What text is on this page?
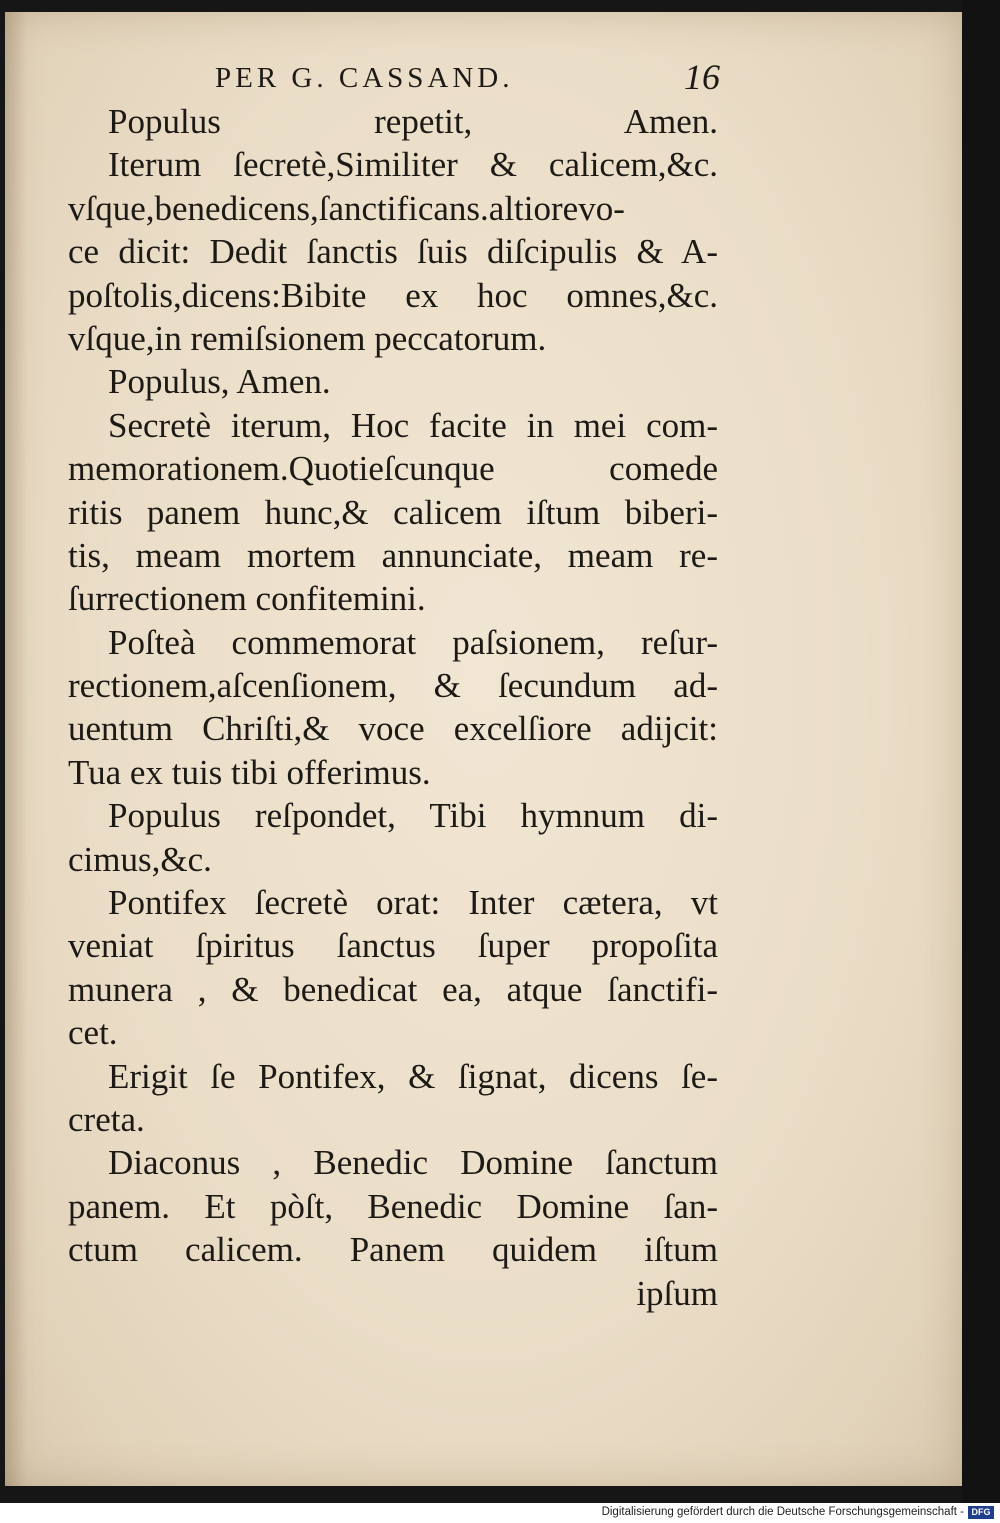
PER G. CASSAND.	16
Populus repetit, Amen.
Iterum ſecretè,Similiter & calicem,&c.
vſque,benedicens,ſanctificans.altiorevo-
ce dicit: Dedit ſanctis ſuis diſcipulis & A-
poſtolis,dicens:Bibite ex hoc omnes,&c.
vſque,in remiſsionem peccatorum.
Populus, Amen.
Secretè iterum, Hoc facite in mei com-
memorationem.Quotieſcunque comede
ritis panem hunc,& calicem iſtum biberi-
tis, meam mortem annunciate, meam re-
ſurrectionem confitemini.
Poſteà commemorat paſsionem, reſur-
rectionem,aſcenſionem, & ſecundum ad-
uentum Chriſti,& voce excelſiore adijcit:
Tua ex tuis tibi offerimus.
Populus reſpondet, Tibi hymnum di-
cimus,&c.
Pontifex ſecretè orat: Inter cætera, vt
veniat ſpiritus ſanctus ſuper propoſita
munera , & benedicat ea, atque ſanctifi-
cet.
Erigit ſe Pontifex, & ſignat, dicens ſe-
creta.
Diaconus , Benedic Domine ſanctum
panem. Et pòſt, Benedic Domine ſan-
ctum calicem. Panem quidem iſtum
ipſum
Digitalisierung gefördert durch die Deutsche Forschungsgemeinschaft - DFG
